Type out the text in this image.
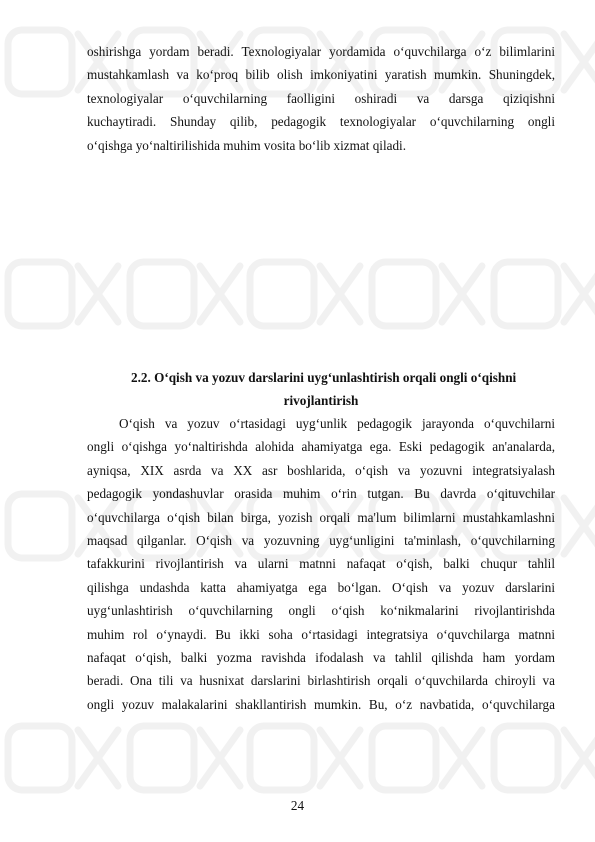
oshirishga yordam beradi. Texnologiyalar yordamida o‘quvchilarga o‘z bilimlarini
mustahkamlash va ko‘proq bilib olish imkoniyatini yaratish mumkin. Shuningdek,
texnologiyalar o‘quvchilarning faolligini oshiradi va darsga qiziqishni
kuchaytiradi. Shunday qilib, pedagogik texnologiyalar o‘quvchilarning ongli
o‘qishga yo‘naltirilishida muhim vosita bo‘lib xizmat qiladi.
2.2. O‘qish va yozuv darslarini uyg‘unlashtirish orqali ongli o‘qishni
rivojlantirish
O‘qish va yozuv o‘rtasidagi uyg‘unlik pedagogik jarayonda o‘quvchilarni
ongli o‘qishga yo‘naltirishda alohida ahamiyatga ega. Eski pedagogik an'analarda,
ayniqsa, XIX asrda va XX asr boshlarida, o‘qish va yozuvni integratsiyalash
pedagogik yondashuvlar orasida muhim o‘rin tutgan. Bu davrda o‘qituvchilar
o‘quvchilarga o‘qish bilan birga, yozish orqali ma'lum bilimlarni mustahkamlashni
maqsad qilganlar. O‘qish va yozuvning uyg‘unligini ta'minlash, o‘quvchilarning
tafakkurini rivojlantirish va ularni matnni nafaqat o‘qish, balki chuqur tahlil
qilishga undashda katta ahamiyatga ega bo‘lgan. O‘qish va yozuv darslarini
uyg‘unlashtirish o‘quvchilarning ongli o‘qish ko‘nikmalarini rivojlantirishda
muhim rol o‘ynaydi. Bu ikki soha o‘rtasidagi integratsiya o‘quvchilarga matnni
nafaqat o‘qish, balki yozma ravishda ifodalash va tahlil qilishda ham yordam
beradi. Ona tili va husnixat darslarini birlashtirish orqali o‘quvchilarda chiroyli va
ongli yozuv malakalarini shakllantirish mumkin. Bu, o‘z navbatida, o‘quvchilarga
24
